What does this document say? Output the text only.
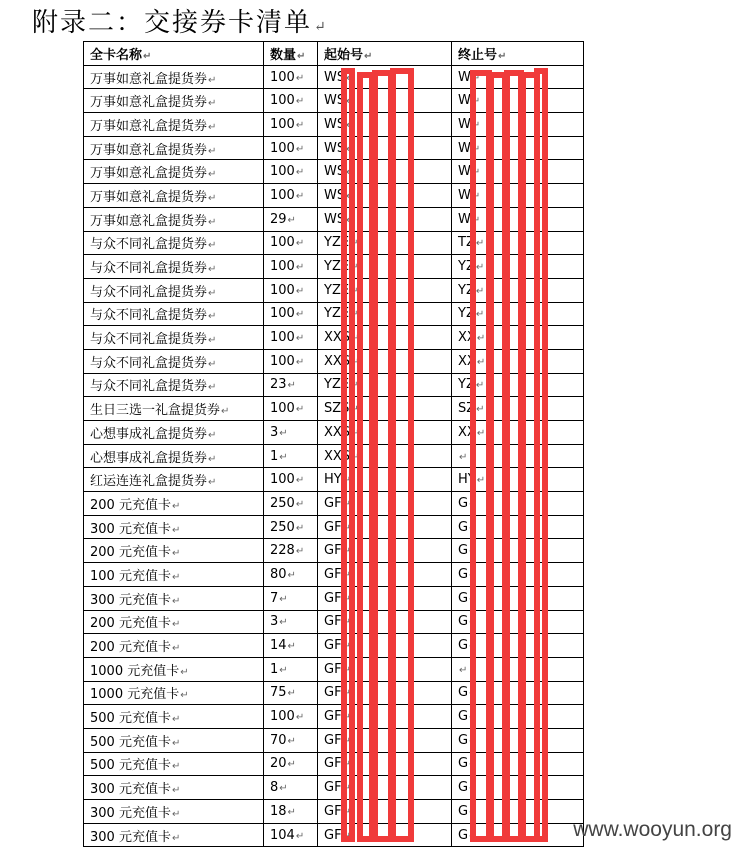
附录二：交接券卡清单 ↵
全卡名称↵	数量↵	起始号↵	终止号↵
万事如意礼盒提货券↵	100↵	WS↵	W↵
万事如意礼盒提货券↵	100↵	WS↵	W↵
万事如意礼盒提货券↵	100↵	WS↵	W↵
万事如意礼盒提货券↵	100↵	WS↵	W↵
万事如意礼盒提货券↵	100↵	WS↵	W↵
万事如意礼盒提货券↵	100↵	WS↵	W↵
万事如意礼盒提货券↵	29↵	WS↵	W↵
与众不同礼盒提货券↵	100↵	YZE↵	TZ↵
与众不同礼盒提货券↵	100↵	YZE↵	YZ↵
与众不同礼盒提货券↵	100↵	YZE↵	YZ↵
与众不同礼盒提货券↵	100↵	YZE↵	YZ↵
与众不同礼盒提货券↵	100↵	XXS↵	XX↵
与众不同礼盒提货券↵	100↵	XXS↵	XX↵
与众不同礼盒提货券↵	23↵	YZE↵	YZ↵
生日三选一礼盒提货券↵	100↵	SZS↵	SZ↵
心想事成礼盒提货券↵	3↵	XXS↵	XX↵
心想事成礼盒提货券↵	1↵	XXS↵	↵
红运连连礼盒提货券↵	100↵	HY↵	HY↵
200 元充值卡↵	250↵	GF↵	G↵
300 元充值卡↵	250↵	GF↵	G↵
200 元充值卡↵	228↵	GF↵	G↵
100 元充值卡↵	80↵	GF↵	G↵
300 元充值卡↵	7↵	GF↵	G↵
200 元充值卡↵	3↵	GF↵	G↵
200 元充值卡↵	14↵	GF↵	G↵
1000 元充值卡↵	1↵	GF↵	↵
1000 元充值卡↵	75↵	GF↵	G↵
500 元充值卡↵	100↵	GF↵	G↵
500 元充值卡↵	70↵	GF↵	G↵
500 元充值卡↵	20↵	GF↵	G↵
300 元充值卡↵	8↵	GF↵	G↵
300 元充值卡↵	18↵	GF↵	G↵
300 元充值卡↵	104↵	GF↵	G↵	www.wooyun.org
